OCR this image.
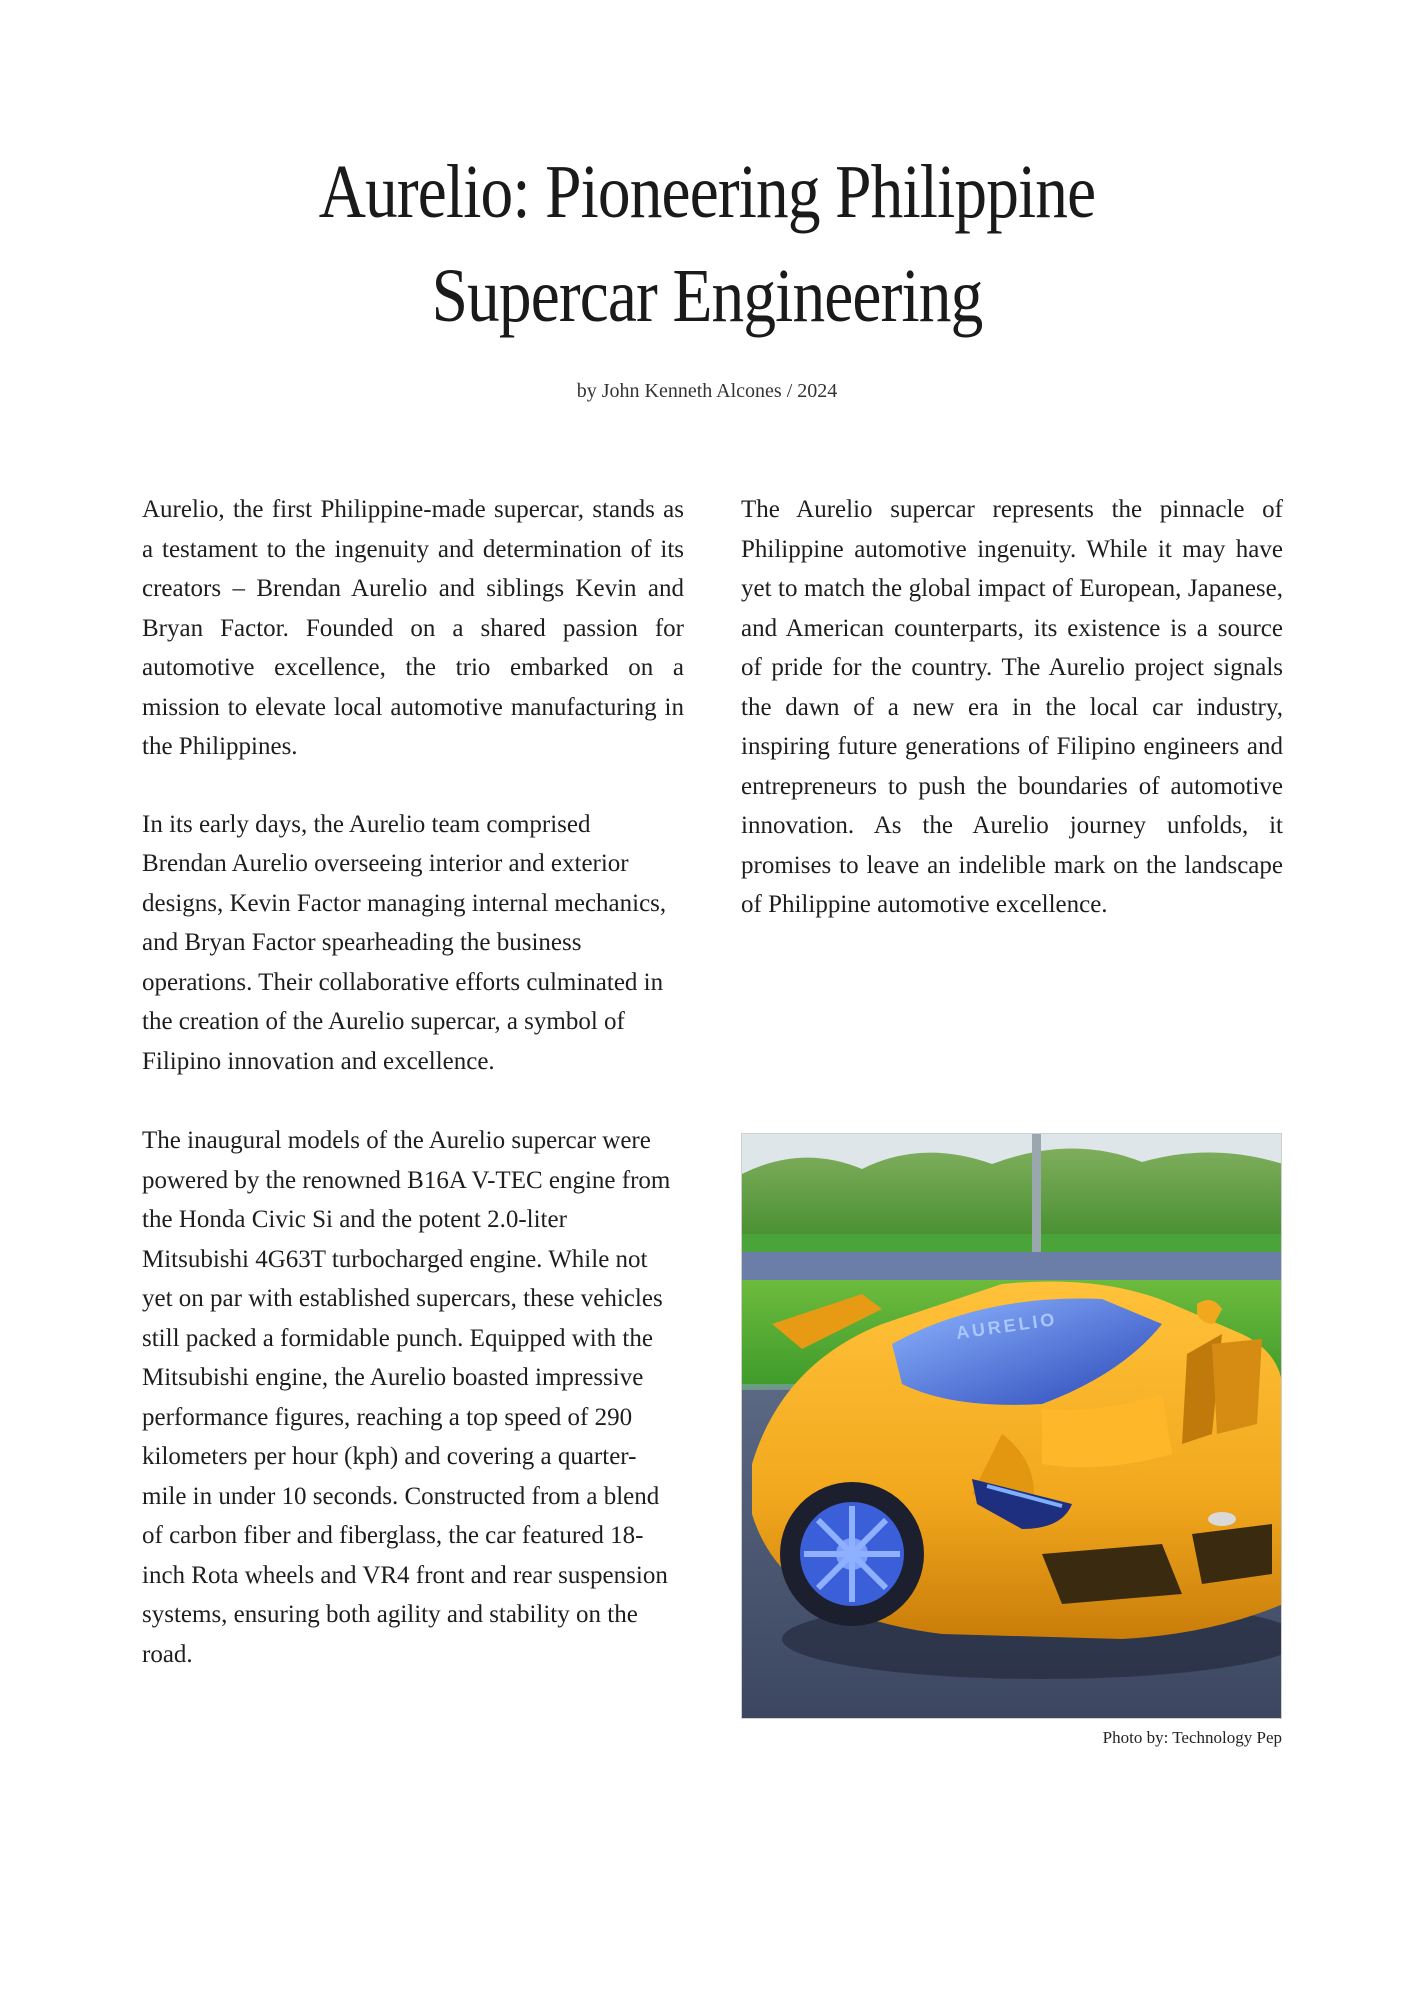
Aurelio: Pioneering Philippine
Supercar Engineering
by John Kenneth Alcones / 2024

Aurelio, the first Philippine-made supercar, stands as a testament to the ingenuity and determination of its creators – Brendan Aurelio and siblings Kevin and Bryan Factor. Founded on a shared passion for automotive excellence, the trio embarked on a mission to elevate local automotive manufacturing in the Philippines.

In its early days, the Aurelio team comprised Brendan Aurelio overseeing interior and exterior designs, Kevin Factor managing internal mechanics, and Bryan Factor spearheading the business operations. Their collaborative efforts culminated in the creation of the Aurelio supercar, a symbol of Filipino innovation and excellence.

The inaugural models of the Aurelio supercar were powered by the renowned B16A V-TEC engine from the Honda Civic Si and the potent 2.0-liter Mitsubishi 4G63T turbocharged engine. While not yet on par with established supercars, these vehicles still packed a formidable punch. Equipped with the Mitsubishi engine, the Aurelio boasted impressive performance figures, reaching a top speed of 290 kilometers per hour (kph) and covering a quarter-mile in under 10 seconds. Constructed from a blend of carbon fiber and fiberglass, the car featured 18-inch Rota wheels and VR4 front and rear suspension systems, ensuring both agility and stability on the road.

The Aurelio supercar represents the pinnacle of Philippine automotive ingenuity. While it may have yet to match the global impact of European, Japanese, and American counterparts, its existence is a source of pride for the country. The Aurelio project signals the dawn of a new era in the local car industry, inspiring future generations of Filipino engineers and entrepreneurs to push the boundaries of automotive innovation. As the Aurelio journey unfolds, it promises to leave an indelible mark on the landscape of Philippine automotive excellence.

AURELIO
Photo by: Technology Pep
